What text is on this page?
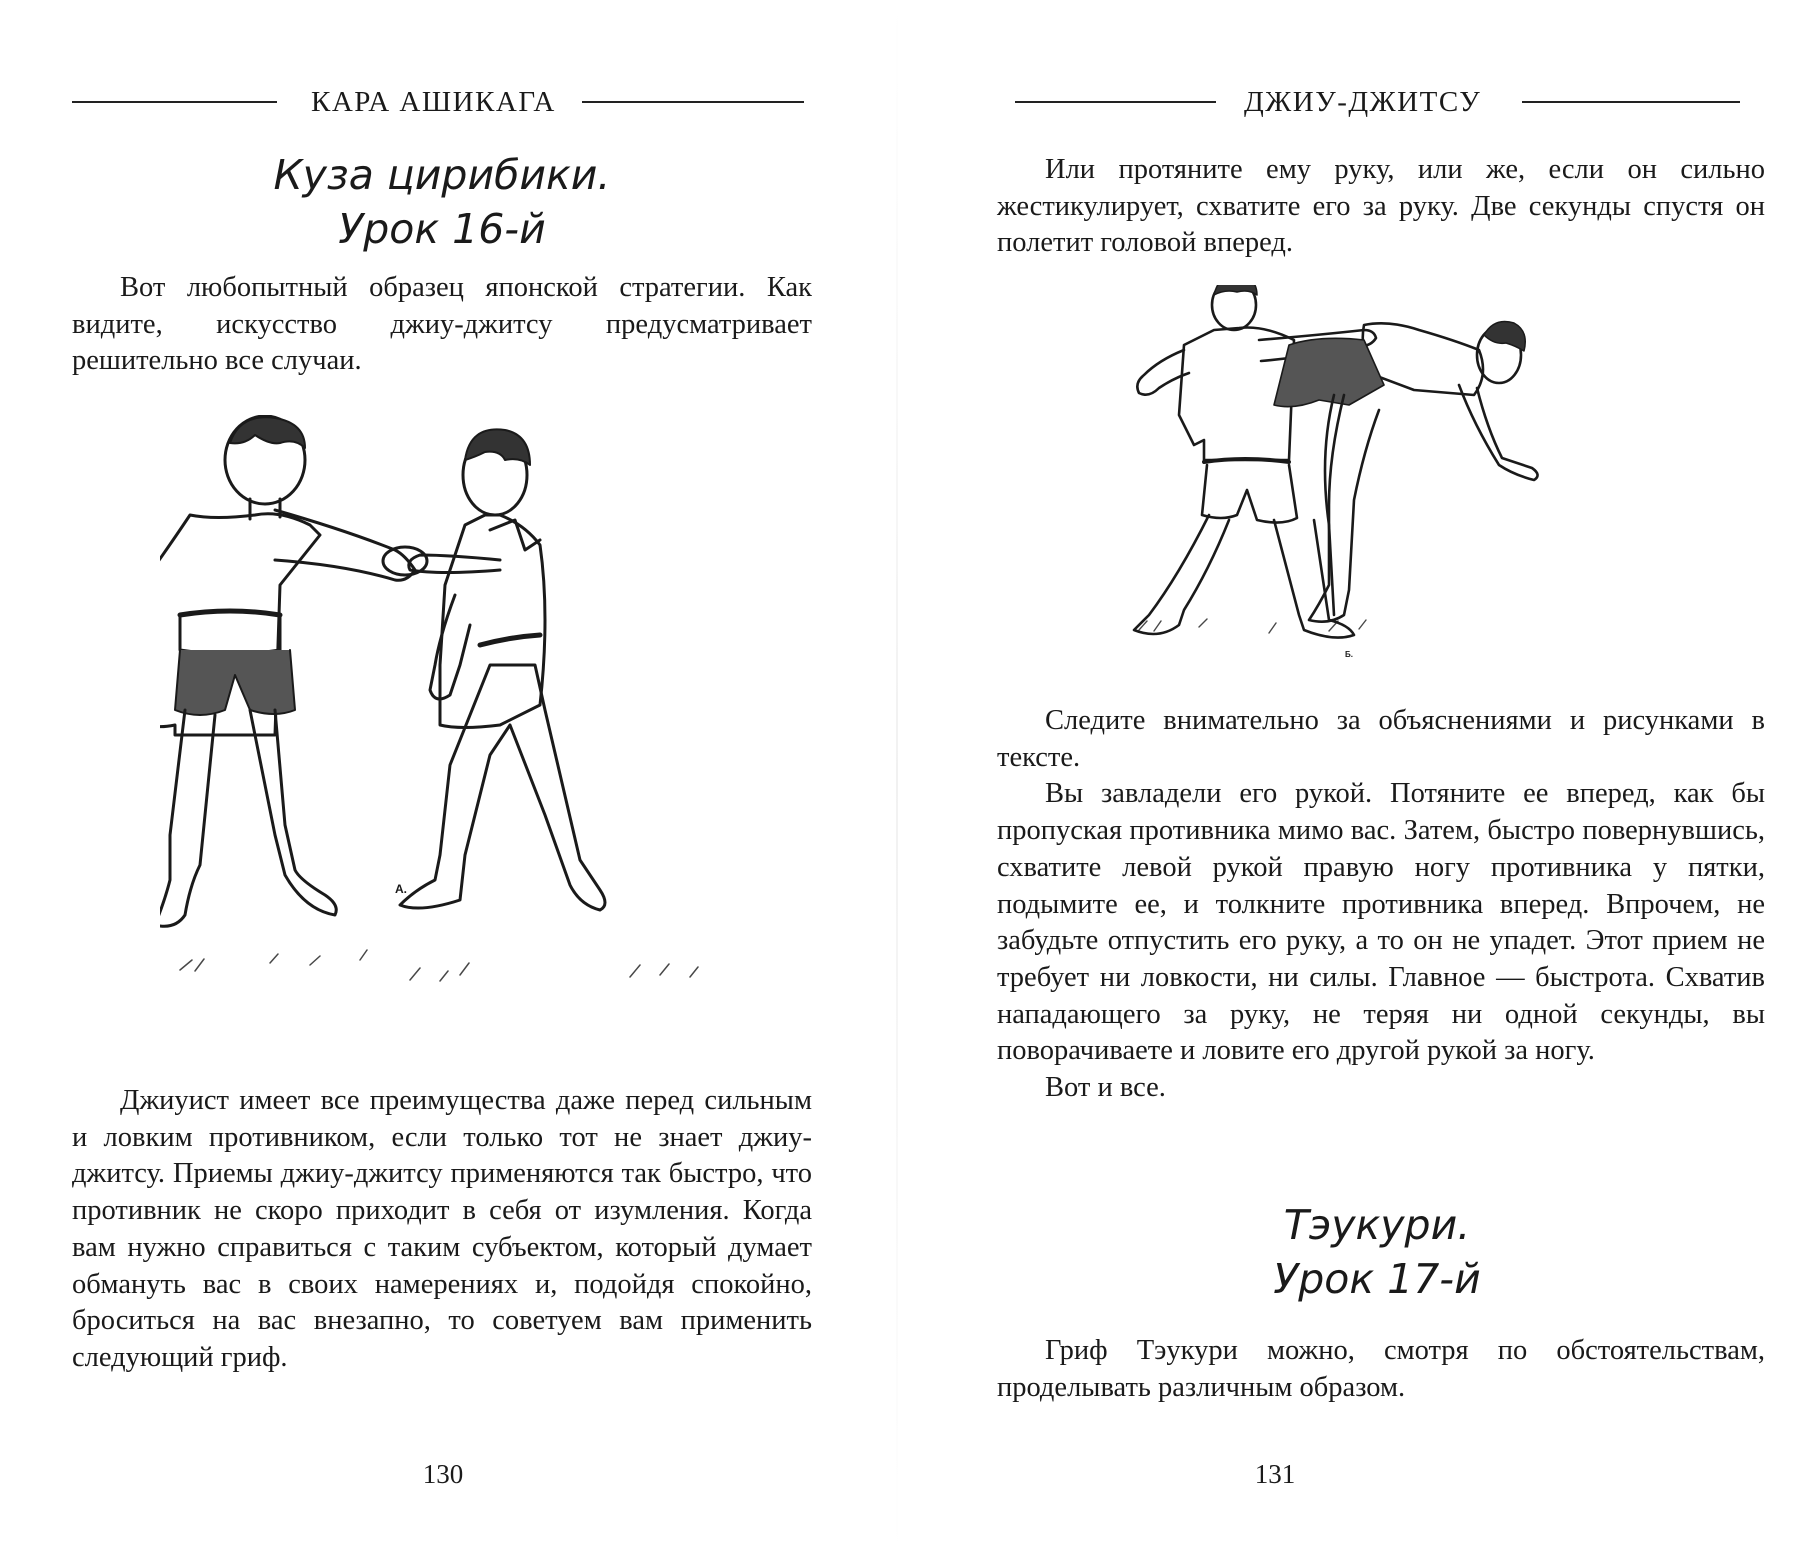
КАРА АШИКАГА
Куза цирибики.
Урок 16-й

Вот любопытный образец японской стратегии. Как видите, искусство джиу-джитсу предусматривает решительно все случаи.

А.

Джиуист имеет все преимущества даже перед сильным и ловким противником, если только тот не знает джиу-джитсу. Приемы джиу-джитсу применяются так быстро, что противник не скоро приходит в себя от изумления. Когда вам нужно справиться с таким субъектом, который думает обмануть вас в своих намерениях и, подойдя спокойно, броситься на вас внезапно, то советуем вам применить следующий гриф.

130
ДЖИУ-ДЖИТСУ

Или протяните ему руку, или же, если он сильно жестикулирует, схватите его за руку. Две секунды спустя он полетит головой вперед.

Б.

Следите внимательно за объяснениями и рисунками в тексте.

Вы завладели его рукой. Потяните ее вперед, как бы пропуская противника мимо вас. Затем, быстро повернувшись, схватите левой рукой правую ногу противника у пятки, подымите ее, и толкните противника вперед. Впрочем, не забудьте отпустить его руку, а то он не упадет. Этот прием не требует ни ловкости, ни силы. Главное — быстрота. Схватив нападающего за руку, не теряя ни одной секунды, вы поворачиваете и ловите его другой рукой за ногу.

Вот и все.

Тэукури.
Урок 17-й

Гриф Тэукури можно, смотря по обстоятельствам, проделывать различным образом.

131
